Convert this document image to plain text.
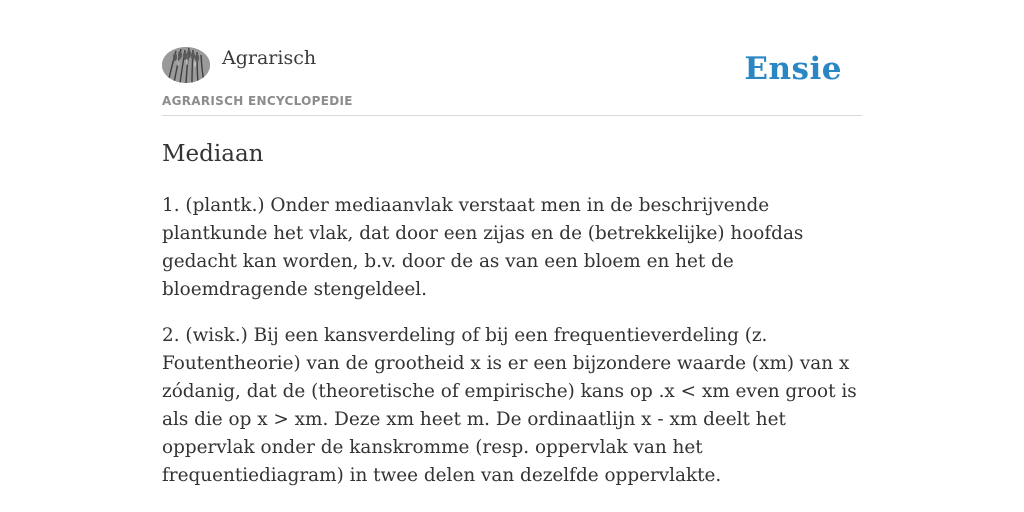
Agrarisch
AGRARISCH ENCYCLOPEDIE
Ensie
Mediaan

1. (plantk.) Onder mediaanvlak verstaat men in de beschrijvende plantkunde het vlak, dat door een zijas en de (betrekkelijke) hoofdas gedacht kan worden, b.v. door de as van een bloem en het de bloemdragende stengeldeel.

2. (wisk.) Bij een kansverdeling of bij een frequentieverdeling (z. Foutentheorie) van de grootheid x is er een bijzondere waarde (xm) van x zódanig, dat de (theoretische of empirische) kans op .x < xm even groot is als die op x > xm. Deze xm heet m. De ordinaatlijn x - xm deelt het oppervlak onder de kanskromme (resp. oppervlak van het frequentiediagram) in twee delen van dezelfde oppervlakte.
